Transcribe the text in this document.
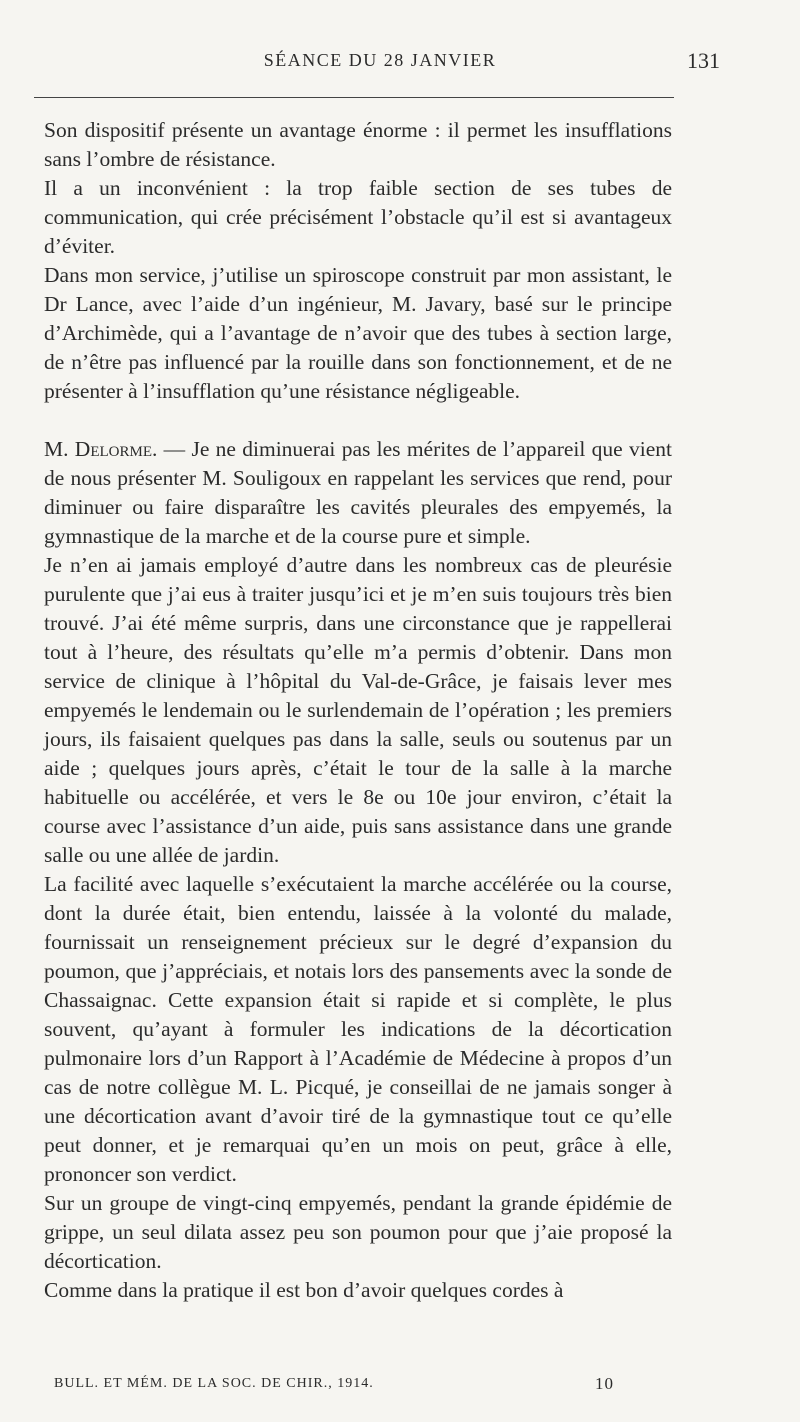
SÉANCE DU 28 JANVIER	131

Son dispositif présente un avantage énorme : il permet les insufflations sans l’ombre de résistance.

Il a un inconvénient : la trop faible section de ses tubes de communication, qui crée précisément l’obstacle qu’il est si avantageux d’éviter.

Dans mon service, j’utilise un spiroscope construit par mon assistant, le Dr Lance, avec l’aide d’un ingénieur, M. Javary, basé sur le principe d’Archimède, qui a l’avantage de n’avoir que des tubes à section large, de n’être pas influencé par la rouille dans son fonctionnement, et de ne présenter à l’insufflation qu’une résistance négligeable.

M. Delorme. — Je ne diminuerai pas les mérites de l’appareil que vient de nous présenter M. Souligoux en rappelant les services que rend, pour diminuer ou faire disparaître les cavités pleurales des empyemés, la gymnastique de la marche et de la course pure et simple.

Je n’en ai jamais employé d’autre dans les nombreux cas de pleurésie purulente que j’ai eus à traiter jusqu’ici et je m’en suis toujours très bien trouvé. J’ai été même surpris, dans une circonstance que je rappellerai tout à l’heure, des résultats qu’elle m’a permis d’obtenir. Dans mon service de clinique à l’hôpital du Val-de-Grâce, je faisais lever mes empyemés le lendemain ou le surlendemain de l’opération ; les premiers jours, ils faisaient quelques pas dans la salle, seuls ou soutenus par un aide ; quelques jours après, c’était le tour de la salle à la marche habituelle ou accélérée, et vers le 8e ou 10e jour environ, c’était la course avec l’assistance d’un aide, puis sans assistance dans une grande salle ou une allée de jardin.

La facilité avec laquelle s’exécutaient la marche accélérée ou la course, dont la durée était, bien entendu, laissée à la volonté du malade, fournissait un renseignement précieux sur le degré d’expansion du poumon, que j’appréciais, et notais lors des pansements avec la sonde de Chassaignac. Cette expansion était si rapide et si complète, le plus souvent, qu’ayant à formuler les indications de la décortication pulmonaire lors d’un Rapport à l’Académie de Médecine à propos d’un cas de notre collègue M. L. Picqué, je conseillai de ne jamais songer à une décortication avant d’avoir tiré de la gymnastique tout ce qu’elle peut donner, et je remarquai qu’en un mois on peut, grâce à elle, prononcer son verdict.

Sur un groupe de vingt-cinq empyemés, pendant la grande épidémie de grippe, un seul dilata assez peu son poumon pour que j’aie proposé la décortication.

Comme dans la pratique il est bon d’avoir quelques cordes à

BULL. ET MÉM. DE LA SOC. DE CHIR., 1914.	10
